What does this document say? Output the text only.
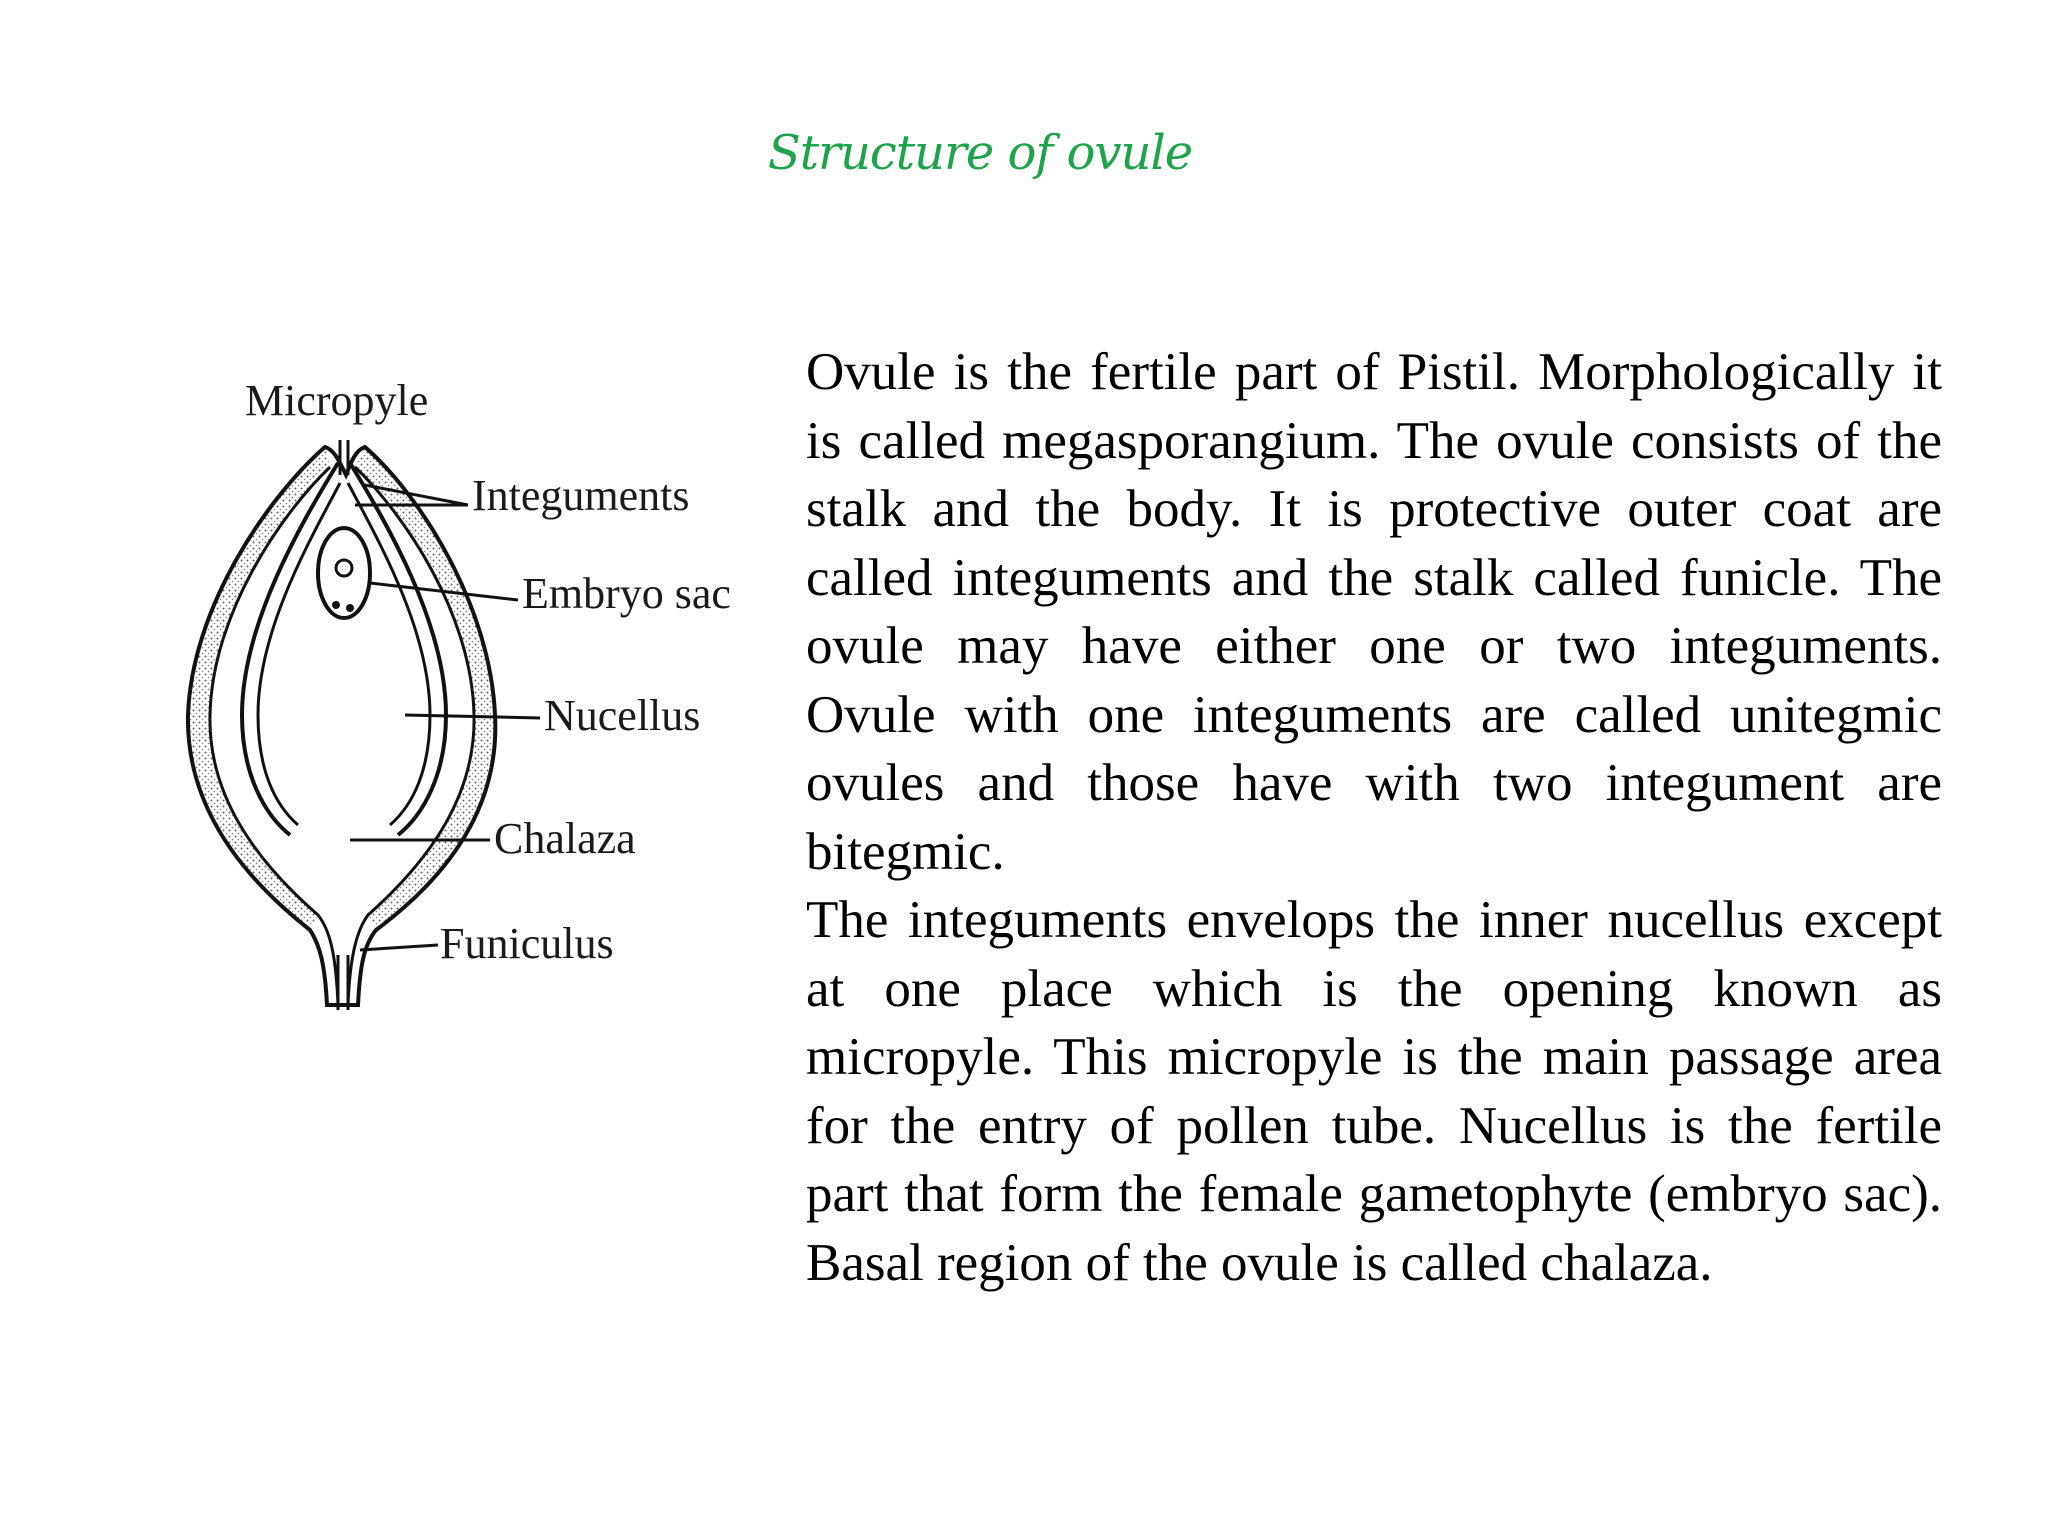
Structure of ovule
Micropyle
Integuments
Embryo sac
Nucellus
Chalaza
Funiculus

Ovule is the fertile part of Pistil. Morphologically it is called megasporangium. The ovule consists of the stalk and the body. It is protective outer coat are called integuments and the stalk called funicle. The ovule may have either one or two integuments. Ovule with one integuments are called unitegmic ovules and those have with two integument are bitegmic.

The integuments envelops the inner nucellus except at one place which is the opening known as micropyle. This micropyle is the main passage area for the entry of pollen tube. Nucellus is the fertile part that form the female gametophyte (embryo sac). Basal region of the ovule is called chalaza.
